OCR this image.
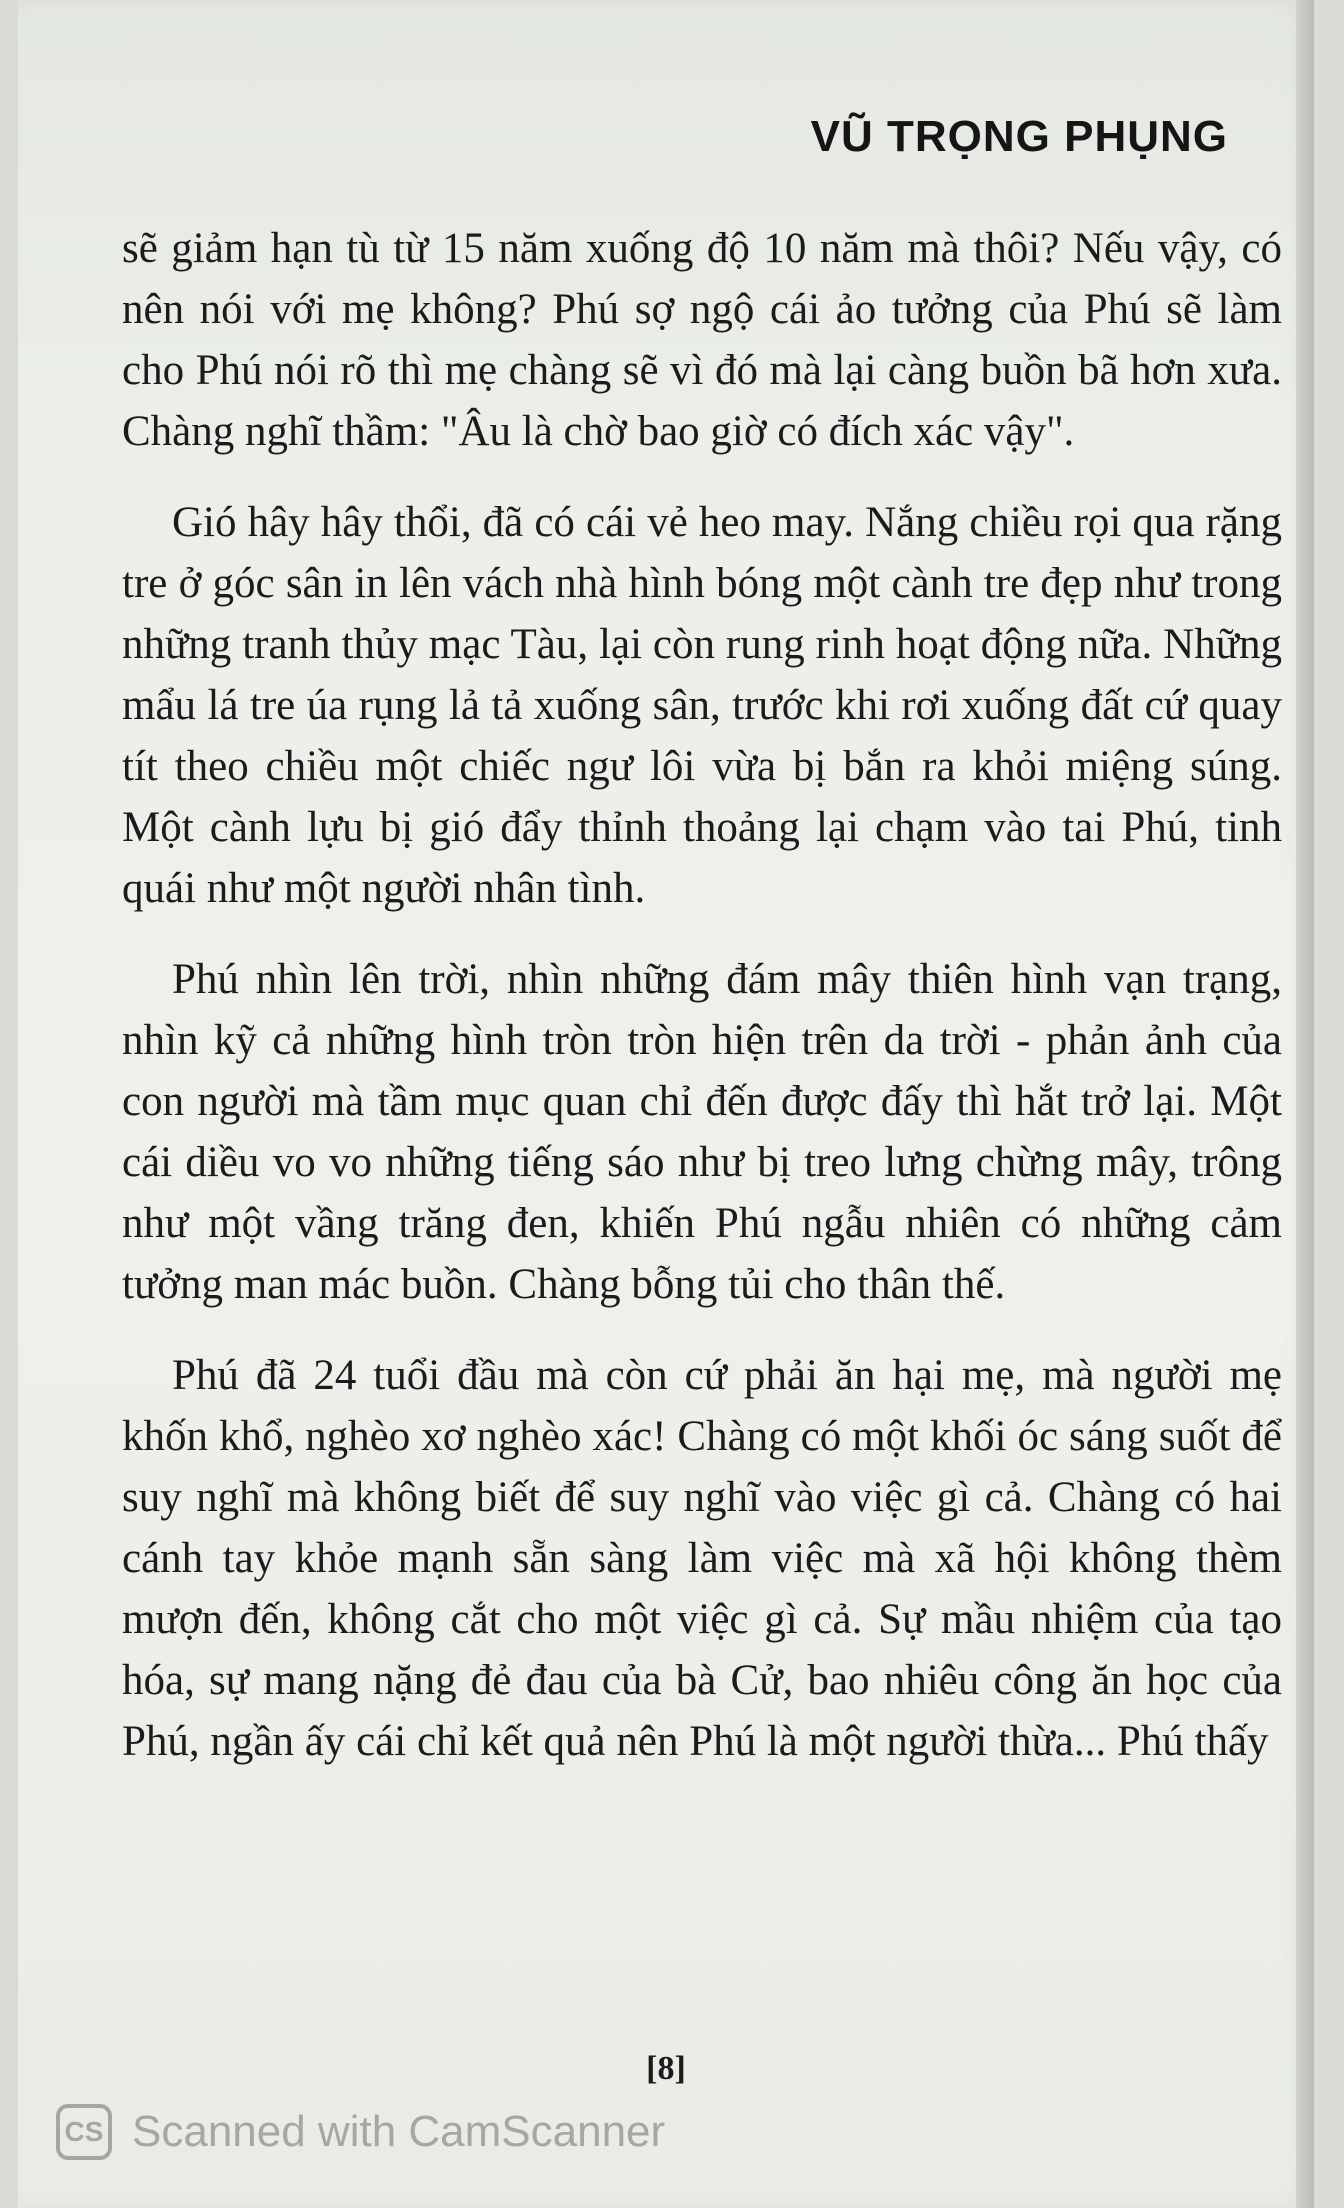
VŨ TRỌNG PHỤNG

sẽ giảm hạn tù từ 15 năm xuống độ 10 năm mà thôi? Nếu vậy, có nên nói với mẹ không? Phú sợ ngộ cái ảo tưởng của Phú sẽ làm cho Phú nói rõ thì mẹ chàng sẽ vì đó mà lại càng buồn bã hơn xưa. Chàng nghĩ thầm: "Âu là chờ bao giờ có đích xác vậy".

Gió hây hây thổi, đã có cái vẻ heo may. Nắng chiều rọi qua rặng tre ở góc sân in lên vách nhà hình bóng một cành tre đẹp như trong những tranh thủy mạc Tàu, lại còn rung rinh hoạt động nữa. Những mẩu lá tre úa rụng lả tả xuống sân, trước khi rơi xuống đất cứ quay tít theo chiều một chiếc ngư lôi vừa bị bắn ra khỏi miệng súng. Một cành lựu bị gió đẩy thỉnh thoảng lại chạm vào tai Phú, tinh quái như một người nhân tình.

Phú nhìn lên trời, nhìn những đám mây thiên hình vạn trạng, nhìn kỹ cả những hình tròn tròn hiện trên da trời - phản ảnh của con người mà tầm mục quan chỉ đến được đấy thì hắt trở lại. Một cái diều vo vo những tiếng sáo như bị treo lưng chừng mây, trông như một vầng trăng đen, khiến Phú ngẫu nhiên có những cảm tưởng man mác buồn. Chàng bỗng tủi cho thân thế.

Phú đã 24 tuổi đầu mà còn cứ phải ăn hại mẹ, mà người mẹ khốn khổ, nghèo xơ nghèo xác! Chàng có một khối óc sáng suốt để suy nghĩ mà không biết để suy nghĩ vào việc gì cả. Chàng có hai cánh tay khỏe mạnh sẵn sàng làm việc mà xã hội không thèm mượn đến, không cắt cho một việc gì cả. Sự mầu nhiệm của tạo hóa, sự mang nặng đẻ đau của bà Cử, bao nhiêu công ăn học của Phú, ngần ấy cái chỉ kết quả nên Phú là một người thừa... Phú thấy

[8]
CS Scanned with CamScanner
